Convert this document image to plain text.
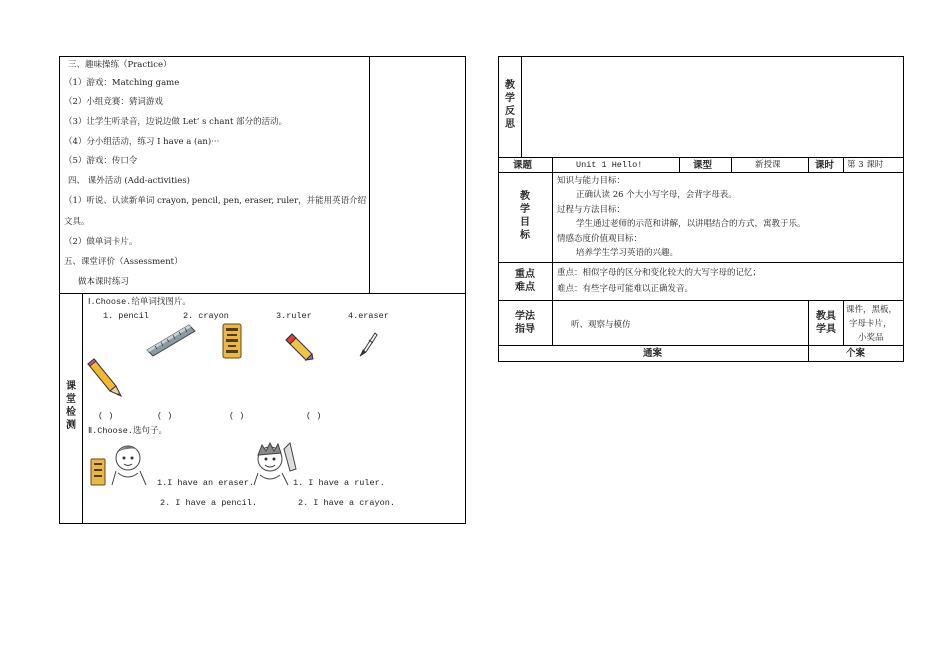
三、趣味操练（Practice）
（1）游戏：Matching game
（2）小组竞赛：猜词游戏
（3）让学生听录音，边说边做 Let’ s chant 部分的活动。
（4）分小组活动，练习 I have a (an)···
（5）游戏：传口令
四、 课外活动 (Add-activities)
（1）听说、认读新单词 crayon, pencil, pen, eraser, ruler，并能用英语介绍
文具。
（2）做单词卡片。
五、课堂评价（Assessment）
做本课时练习
课
堂
检
测
Ⅰ.Choose.给单词找图片。
1. pencil	2. crayon	3.ruler	4.eraser
( )	( )	( )	( )
Ⅱ.Choose.选句子。
1.I have an eraser.	1. I have a ruler.
2. I have a pencil.	2. I have a crayon.
教
学
反
思
课题	Unit 1 Hello!	课型	新授课	课时 第 3 课时
教
学
目
标
知识与能力目标：
正确认读 26 个大小写字母，会背字母表。
过程与方法目标：
学生通过老师的示范和讲解，以讲唱结合的方式，寓教于乐。
情感态度价值观目标：
培养学生学习英语的兴趣。
重点
难点
重点：相似字母的区分和变化较大的大写字母的记忆；
难点：有些字母可能难以正确发音。
学法
指导	听、观察与模仿
教具
学具
课件，黑板，
字母卡片，
小奖品
通案	个案
